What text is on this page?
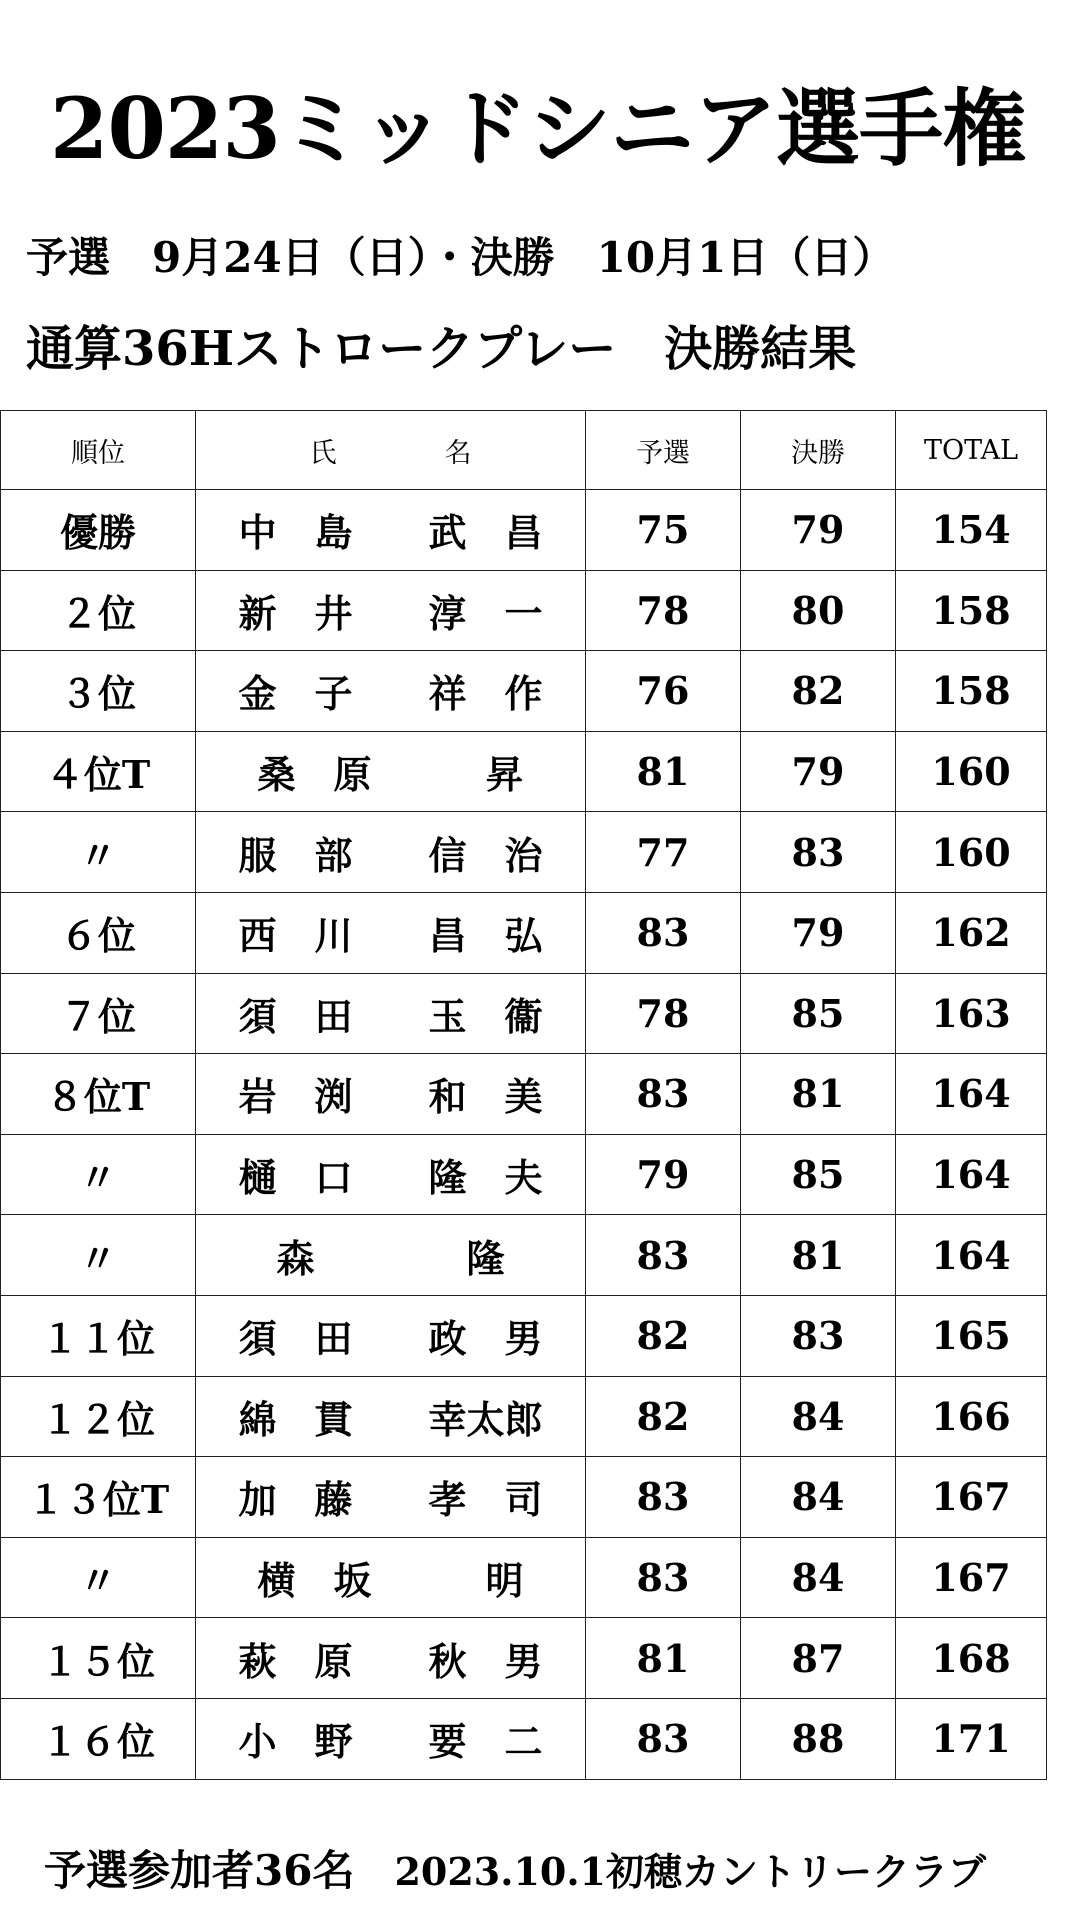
2023ミッドシニア選手権
予選　9月24日（日）・決勝　10月1日（日）
通算36Hストロークプレー　決勝結果
順位	氏　　　　名	予選	決勝	TOTAL
優勝	中　島　　武　昌	75	79	154
２位	新　井　　淳　一	78	80	158
３位	金　子　　祥　作	76	82	158
４位T	桑　原　　　昇	81	79	160
〃	服　部　　信　治	77	83	160
６位	西　川　　昌　弘	83	79	162
７位	須　田　　玉　衞	78	85	163
８位T	岩　渕　　和　美	83	81	164
〃	樋　口　　隆　夫	79	85	164
〃	森　　　　隆	83	81	164
１１位	須　田　　政　男	82	83	165
１２位	綿　貫　　幸太郎	82	84	166
１３位T	加　藤　　孝　司	83	84	167
〃	横　坂　　　明	83	84	167
１５位	萩　原　　秋　男	81	87	168
１６位	小　野　　要　二	83	88	171

予選参加者36名 2023.10.1初穂カントリークラブ
